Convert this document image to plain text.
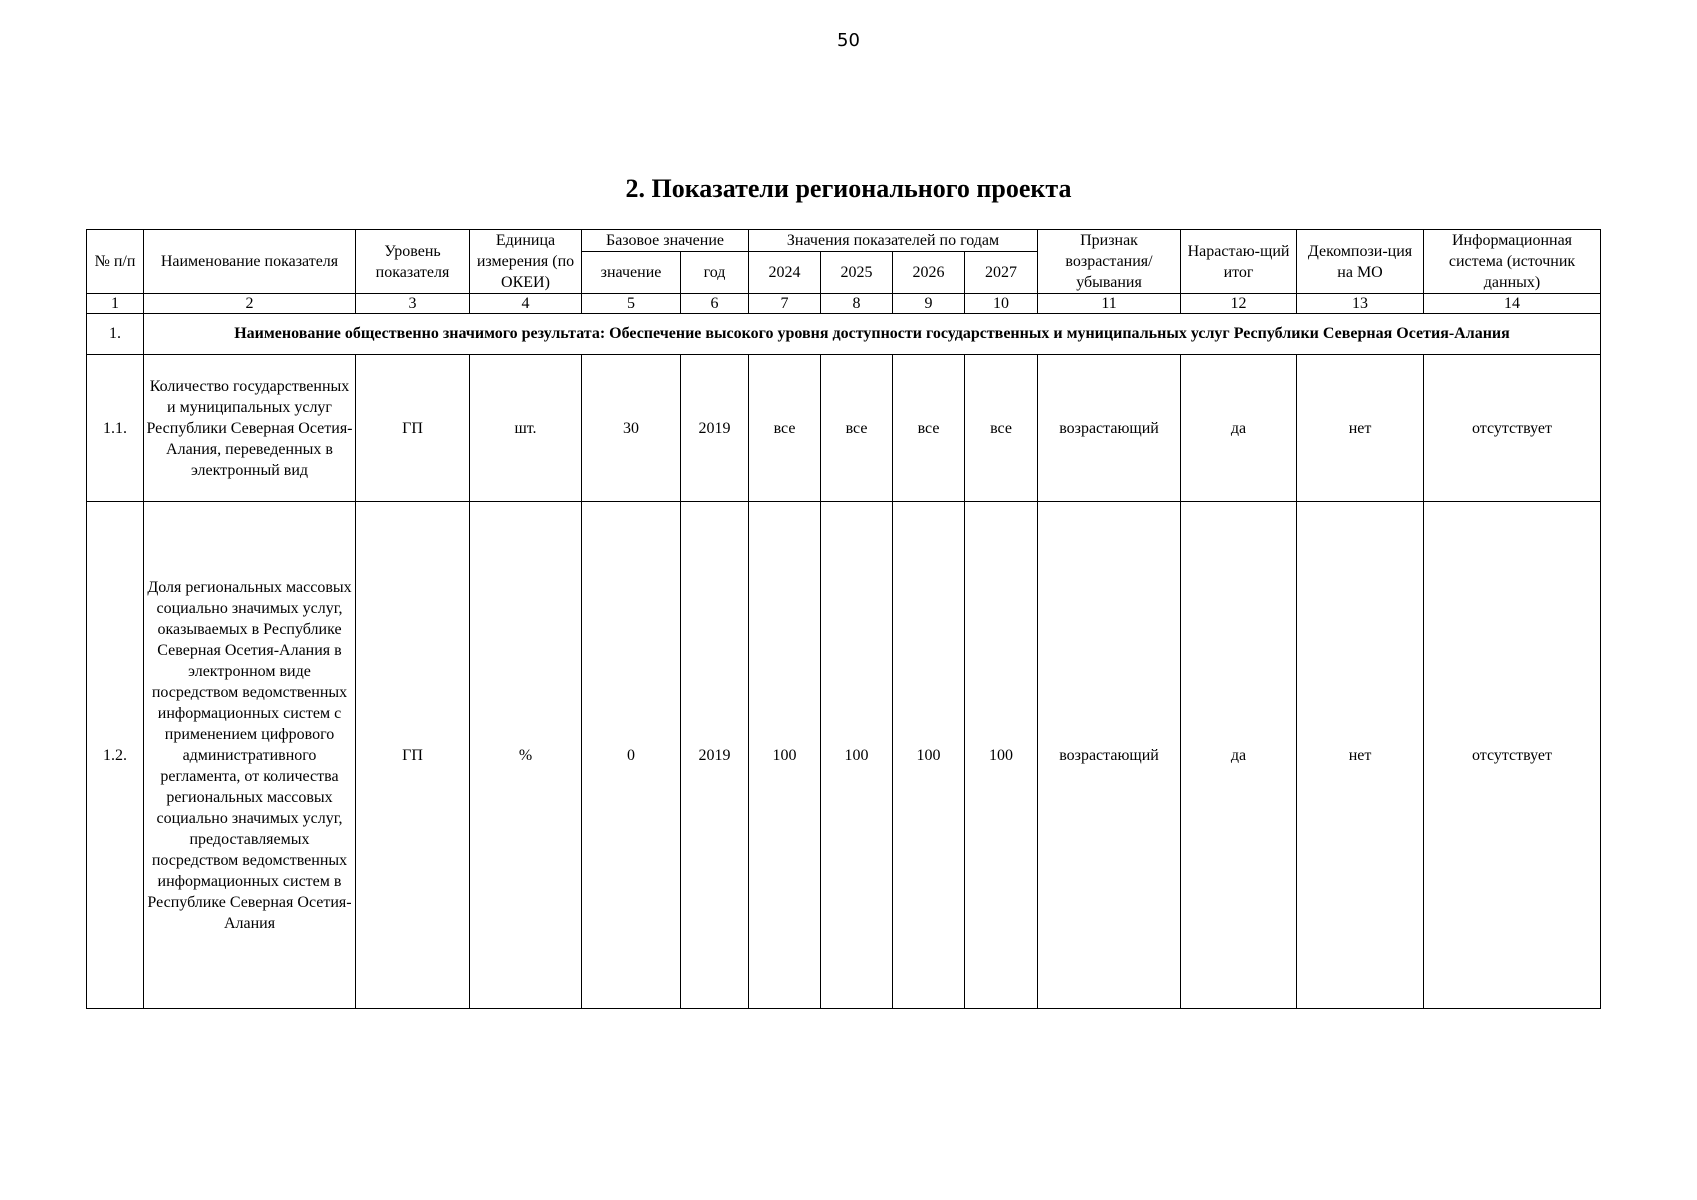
50
2. Показатели регионального проекта
№ п/п	Наименование показателя	Уровень показателя	Единица измерения (по ОКЕИ)	Базовое значение		Значения показателей по годам				Признак возрастания/ убывания	Нарастаю-щий итог	Декомпози-ция на МО	Информационная система (источник данных)
				значение	год	2024	2025	2026	2027				
1	2	3	4	5	6	7	8	9	10	11	12	13	14
1.	Наименование общественно значимого результата: Обеспечение высокого уровня доступности государственных и муниципальных услуг Республики Северная Осетия-Алания												
1.1.	Количество государственных и муниципальных услуг Республики Северная Осетия-Алания, переведенных в электронный вид	ГП	шт.	30	2019	все	все	все	все	возрастающий	да	нет	отсутствует
1.2.	Доля региональных массовых социально значимых услуг, оказываемых в Республике Северная Осетия-Алания в электронном виде посредством ведомственных информационных систем с применением цифрового административного регламента, от количества региональных массовых социально значимых услуг, предоставляемых посредством ведомственных информационных систем в Республике Северная Осетия-Алания	ГП	%	0	2019	100	100	100	100	возрастающий	да	нет	отсутствует
